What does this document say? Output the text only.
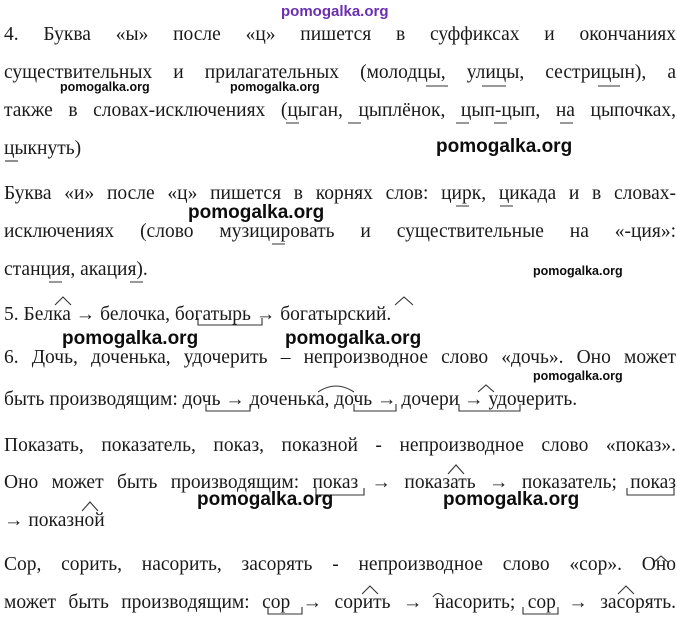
pomogalka.org
4. Буква «ы» после «ц» пишется в суффиксах и окончаниях
существительных и прилагательных (молодцы, улицы, сестрицын), а
также в словах-исключениях (цыган, цыплёнок, цып-цып, на цыпочках,
цыкнуть)
Буква «и» после «ц» пишется в корнях слов: цирк, цикада и в словах-
исключениях (слово музицировать и существительные на «-ция»:
станция, акация).
5. Белка → белочка, богатырь → богатырский.
6. Дочь, доченька, удочерить – непроизводное слово «дочь». Оно может
быть производящим: дочь → доченька, дочь → дочери → удочерить.
Показать, показатель, показ, показной - непроизводное слово «показ».
Оно может быть производящим: показ → показать → показатель; показ
→ показной
Сор, сорить, насорить, засорять - непроизводное слово «сор». Оно
может быть производящим: сор → сорить → насорить; сор → засорять.
pomogalka.org	pomogalka.org
pomogalka.org
pomogalka.org
pomogalka.org
pomogalka.org	pomogalka.org
pomogalka.org
pomogalka.org	pomogalka.org
